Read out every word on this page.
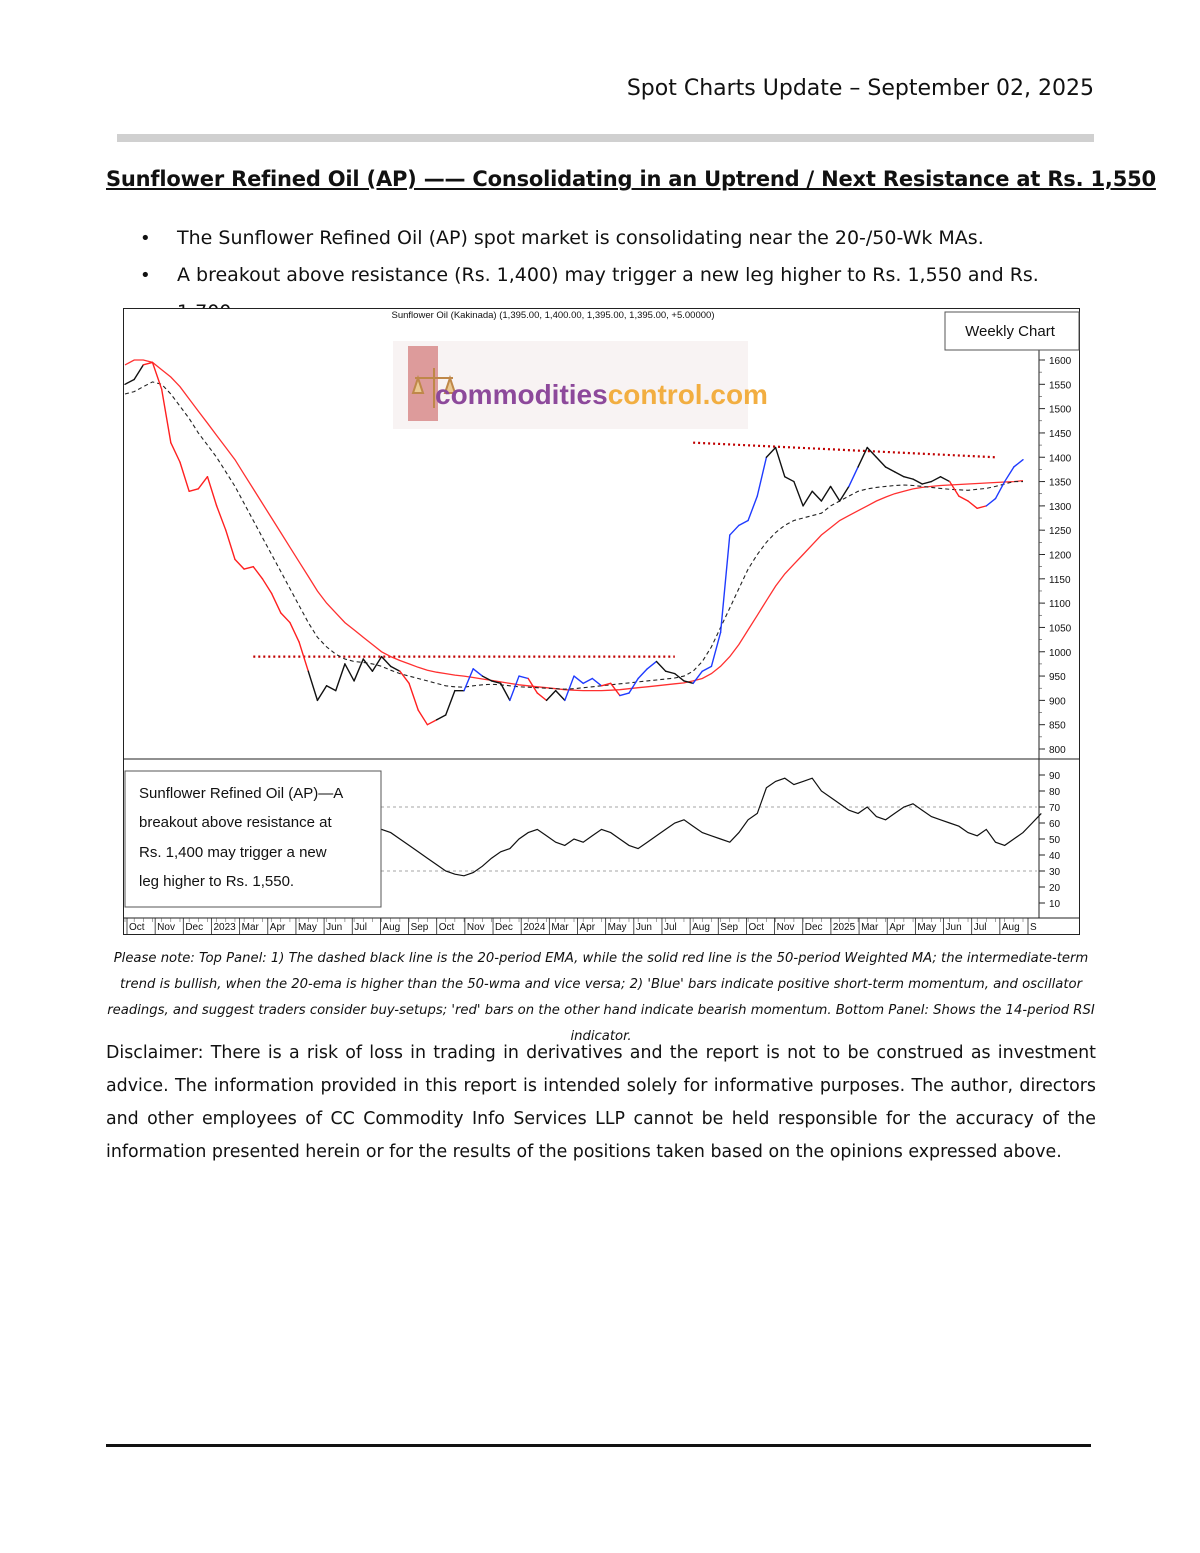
Spot Charts Update – September 02, 2025
Sunflower Refined Oil (AP) —— Consolidating in an Uptrend / Next Resistance at Rs. 1,550
• The Sunflower Refined Oil (AP) spot market is consolidating near the 20-/50-Wk MAs.
• A breakout above resistance (Rs. 1,400) may trigger a new leg higher to Rs. 1,550 and Rs.
Sunflower Oil (Kakinada) (1,395.00, 1,400.00, 1,395.00, 1,395.00, +5.00000)
Weekly Chart
commoditiescontrol.com
1600
1550
1500
1450
1400
1350
1300
1250
1200
1150
1100
1050
1000
950
900
850
800
90
80
70
60
50
40
30
20
10
Oct Nov Dec 2023 Mar Apr May Jun Jul Aug Sep Oct Nov Dec 2024 Mar Apr May Jun Jul Aug Sep Oct Nov Dec 2025 Mar Apr May Jun Jul Aug S
Sunflower Refined Oil (AP)—A
breakout above resistance at
Rs. 1,400 may trigger a new
leg higher to Rs. 1,550.
Please note: Top Panel: 1) The dashed black line is the 20-period EMA, while the solid red line is the 50-period Weighted MA; the intermediate-term trend is bullish, when the 20-ema is higher than the 50-wma and vice versa; 2) 'Blue' bars indicate positive short-term momentum, and oscillator readings, and suggest traders consider buy-setups; 'red' bars on the other hand indicate bearish momentum. Bottom Panel: Shows the 14-period RSI indicator.
Disclaimer: There is a risk of loss in trading in derivatives and the report is not to be construed as investment advice. The information provided in this report is intended solely for informative purposes. The author, directors and other employees of CC Commodity Info Services LLP cannot be held responsible for the accuracy of the information presented herein or for the results of the positions taken based on the opinions expressed above.
